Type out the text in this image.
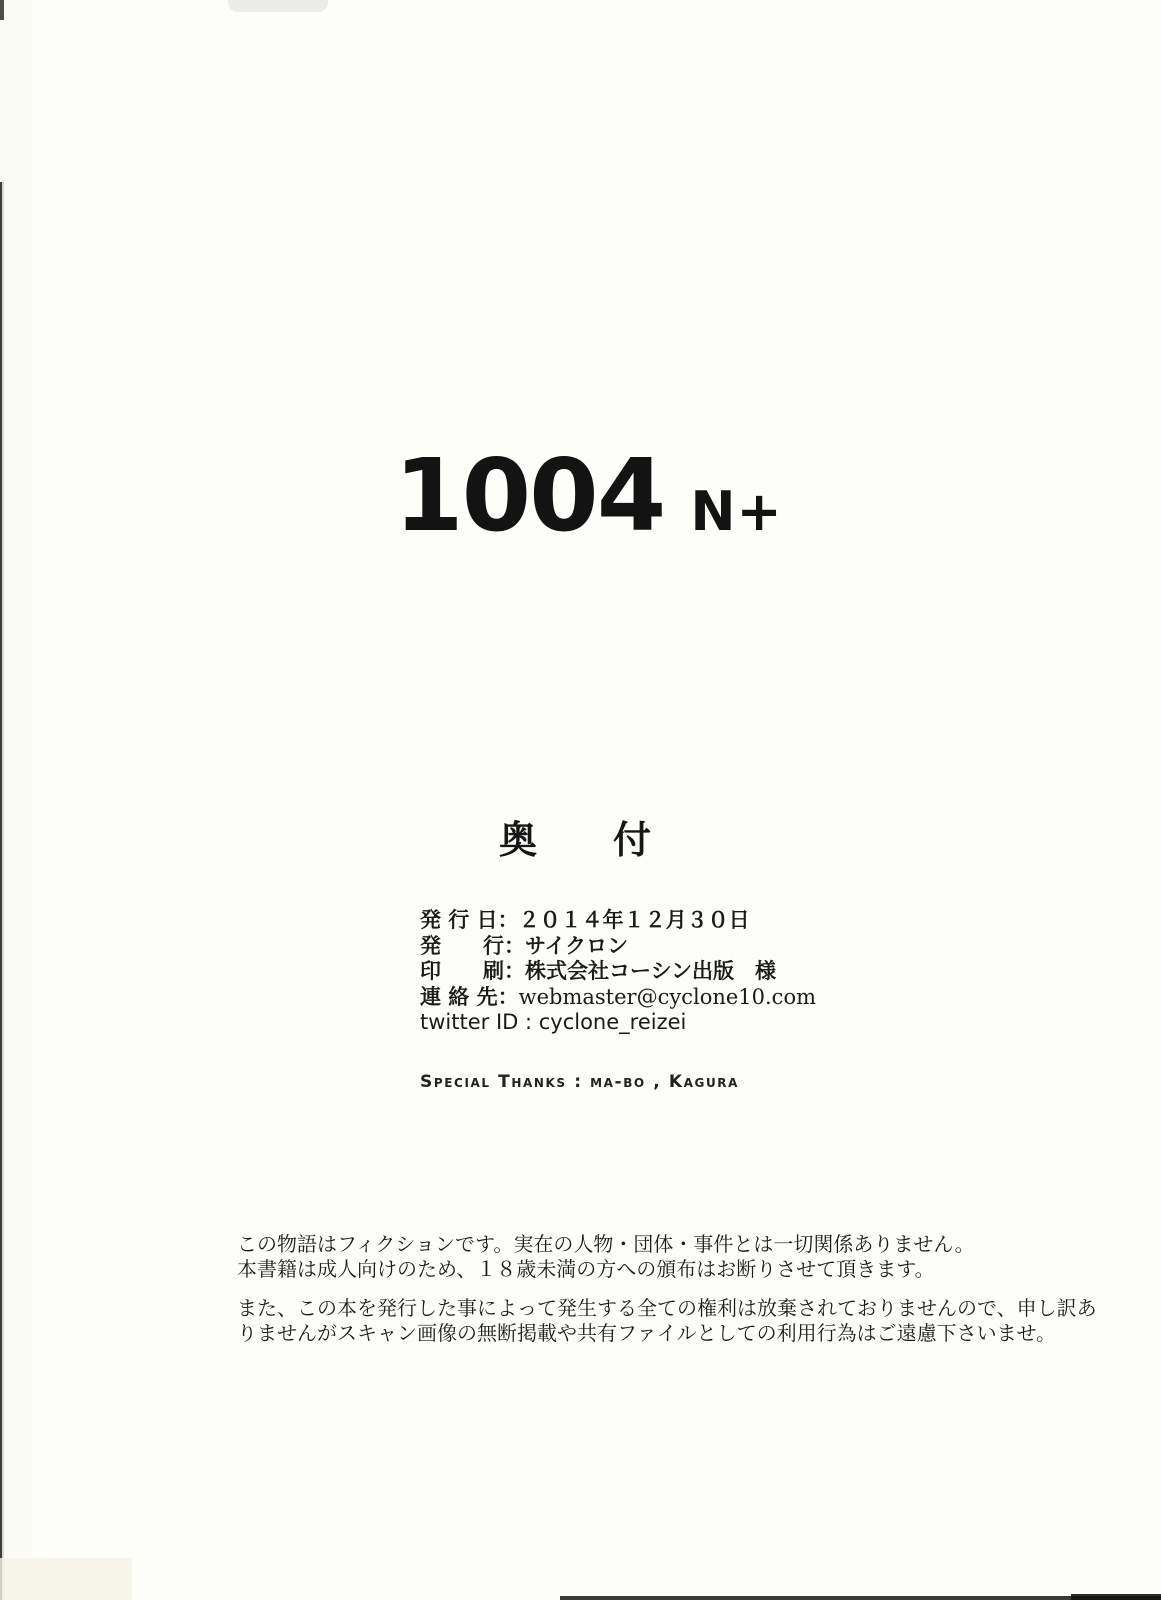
1004 N+
奥　　付
発 行 日：２０１４年１２月３０日
発　　行：サイクロン
印　　刷：株式会社コーシン出版　様
連 絡 先：webmaster@cyclone10.com
twitter ID : cyclone_reizei
Special Thanks : ma-bo , Kagura
この物語はフィクションです。実在の人物・団体・事件とは一切関係ありません。
本書籍は成人向けのため、１８歳未満の方への頒布はお断りさせて頂きます。
また、この本を発行した事によって発生する全ての権利は放棄されておりませんので、申し訳あ
りませんがスキャン画像の無断掲載や共有ファイルとしての利用行為はご遠慮下さいませ。
